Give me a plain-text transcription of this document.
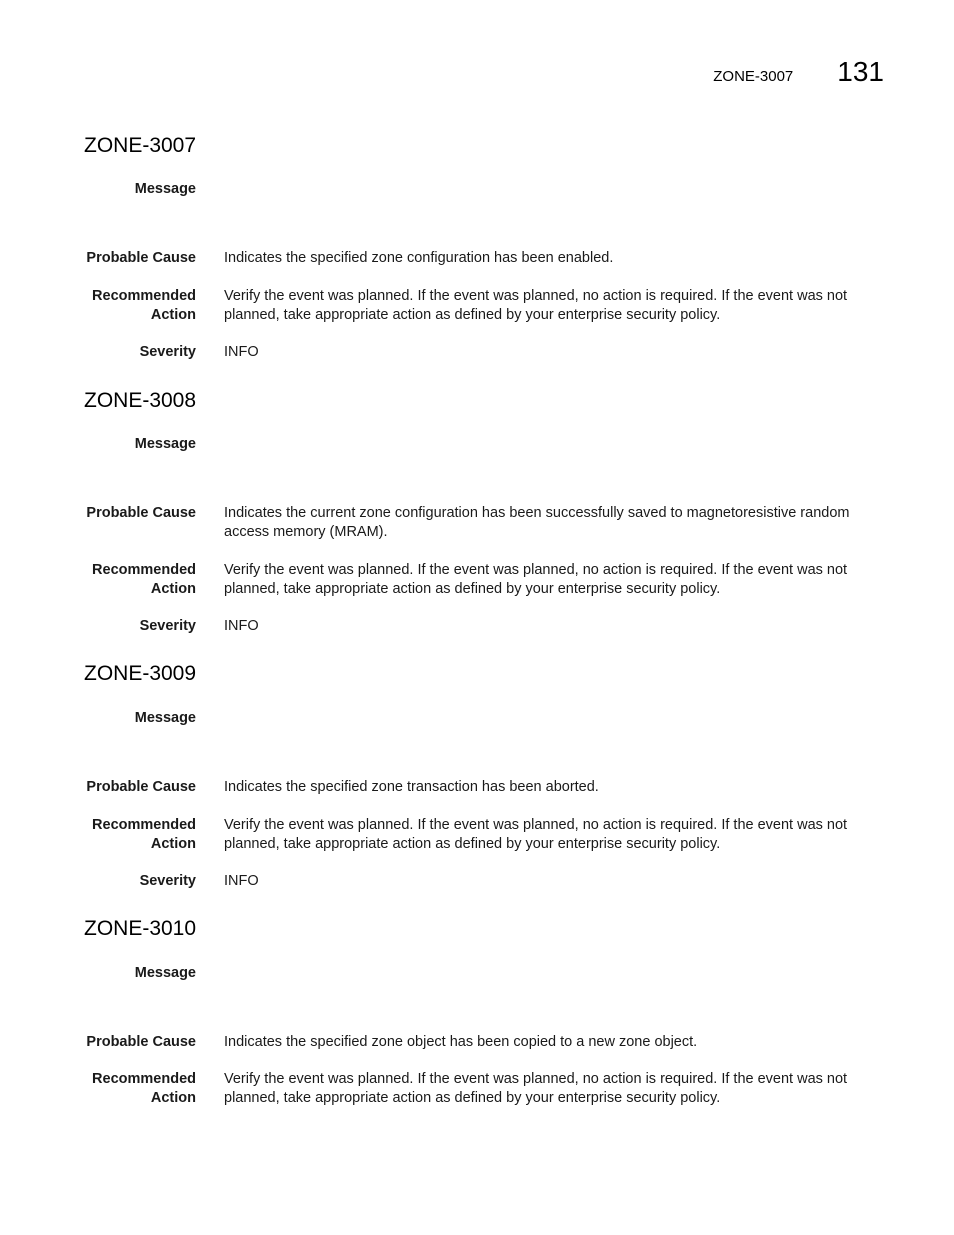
ZONE-3007 131
ZONE-3007
Message
Probable Cause Indicates the specified zone configuration has been enabled.
Recommended
Action
Verify the event was planned. If the event was planned, no action is required. If the event was not planned, take appropriate action as defined by your enterprise security policy.
Severity INFO
ZONE-3008
Message
Probable Cause Indicates the current zone configuration has been successfully saved to magnetoresistive random access memory (MRAM).
Recommended
Action
Verify the event was planned. If the event was planned, no action is required. If the event was not planned, take appropriate action as defined by your enterprise security policy.
Severity INFO
ZONE-3009
Message
Probable Cause Indicates the specified zone transaction has been aborted.
Recommended
Action
Verify the event was planned. If the event was planned, no action is required. If the event was not planned, take appropriate action as defined by your enterprise security policy.
Severity INFO
ZONE-3010
Message
Probable Cause Indicates the specified zone object has been copied to a new zone object.
Recommended
Action
Verify the event was planned. If the event was planned, no action is required. If the event was not planned, take appropriate action as defined by your enterprise security policy.
